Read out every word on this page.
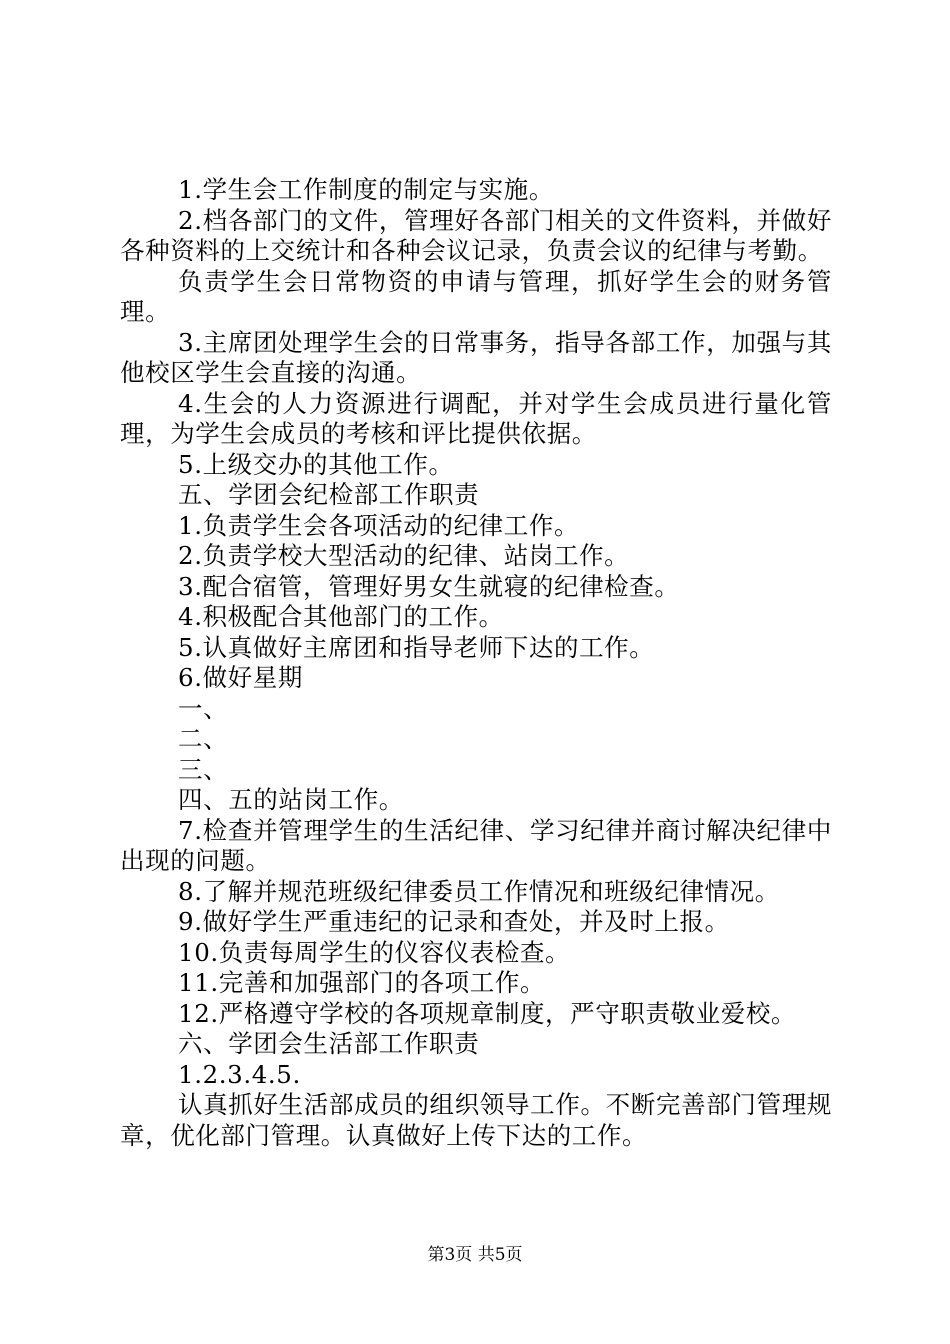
1.学生会工作制度的制定与实施。

2.档各部门的文件，管理好各部门相关的文件资料，并做好各种资料的上交统计和各种会议记录，负责会议的纪律与考勤。

负责学生会日常物资的申请与管理，抓好学生会的财务管理。

3.主席团处理学生会的日常事务，指导各部工作，加强与其他校区学生会直接的沟通。

4.生会的人力资源进行调配，并对学生会成员进行量化管理，为学生会成员的考核和评比提供依据。

5.上级交办的其他工作。

五、学团会纪检部工作职责

1.负责学生会各项活动的纪律工作。

2.负责学校大型活动的纪律、站岗工作。

3.配合宿管，管理好男女生就寝的纪律检查。

4.积极配合其他部门的工作。

5.认真做好主席团和指导老师下达的工作。

6.做好星期

一、

二、

三、

四、五的站岗工作。

7.检查并管理学生的生活纪律、学习纪律并商讨解决纪律中出现的问题。

8.了解并规范班级纪律委员工作情况和班级纪律情况。

9.做好学生严重违纪的记录和查处，并及时上报。

10.负责每周学生的仪容仪表检查。

11.完善和加强部门的各项工作。

12.严格遵守学校的各项规章制度，严守职责敬业爱校。

六、学团会生活部工作职责

1.2.3.4.5.

认真抓好生活部成员的组织领导工作。不断完善部门管理规章，优化部门管理。认真做好上传下达的工作。

第3页 共5页
